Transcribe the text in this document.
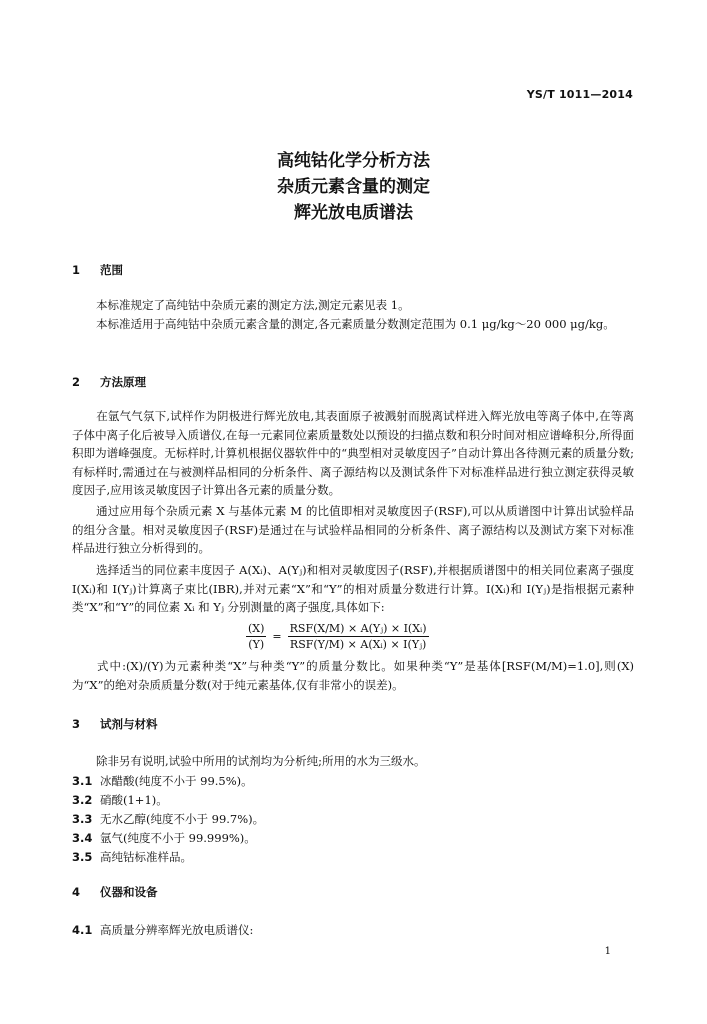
YS/T 1011—2014
高纯钴化学分析方法
杂质元素含量的测定
辉光放电质谱法
1 范围
本标准规定了高纯钴中杂质元素的测定方法,测定元素见表 1。
本标准适用于高纯钴中杂质元素含量的测定,各元素质量分数测定范围为 0.1 μg/kg～20 000 μg/kg。
2 方法原理
在氩气气氛下,试样作为阴极进行辉光放电,其表面原子被溅射而脱离试样进入辉光放电等离子体中,在等离子体中离子化后被导入质谱仪,在每一元素同位素质量数处以预设的扫描点数和积分时间对相应谱峰积分,所得面积即为谱峰强度。无标样时,计算机根据仪器软件中的“典型相对灵敏度因子”自动计算出各待测元素的质量分数;有标样时,需通过在与被测样品相同的分析条件、离子源结构以及测试条件下对标准样品进行独立测定获得灵敏度因子,应用该灵敏度因子计算出各元素的质量分数。
通过应用每个杂质元素 X 与基体元素 M 的比值即相对灵敏度因子(RSF),可以从质谱图中计算出试验样品的组分含量。相对灵敏度因子(RSF)是通过在与试验样品相同的分析条件、离子源结构以及测试方案下对标准样品进行独立分析得到的。
选择适当的同位素丰度因子 A(Xᵢ)、A(Yⱼ)和相对灵敏度因子(RSF),并根据质谱图中的相关同位素离子强度 I(Xᵢ)和 I(Yⱼ)计算离子束比(IBR),并对元素“X”和“Y”的相对质量分数进行计算。I(Xᵢ)和 I(Yⱼ)是指根据元素种类“X”和“Y”的同位素 Xᵢ 和 Yⱼ 分别测量的离子强度,具体如下:
$\frac{(X)}{(Y)} = \frac{\text{RSF(X/M) × A(Yⱼ) × I(Xᵢ)}}{\text{RSF(Y/M) × A(Xᵢ) × I(Yⱼ)}}$
式中:(X)/(Y)为元素种类“X”与种类“Y”的质量分数比。如果种类“Y”是基体[RSF(M/M)=1.0],则(X)为“X”的绝对杂质质量分数(对于纯元素基体,仅有非常小的误差)。
3 试剂与材料
除非另有说明,试验中所用的试剂均为分析纯;所用的水为三级水。
3.1 冰醋酸(纯度不小于 99.5%)。
3.2 硝酸(1+1)。
3.3 无水乙醇(纯度不小于 99.7%)。
3.4 氩气(纯度不小于 99.999%)。
3.5 高纯钴标准样品。
4 仪器和设备
4.1 高质量分辨率辉光放电质谱仪:
1
